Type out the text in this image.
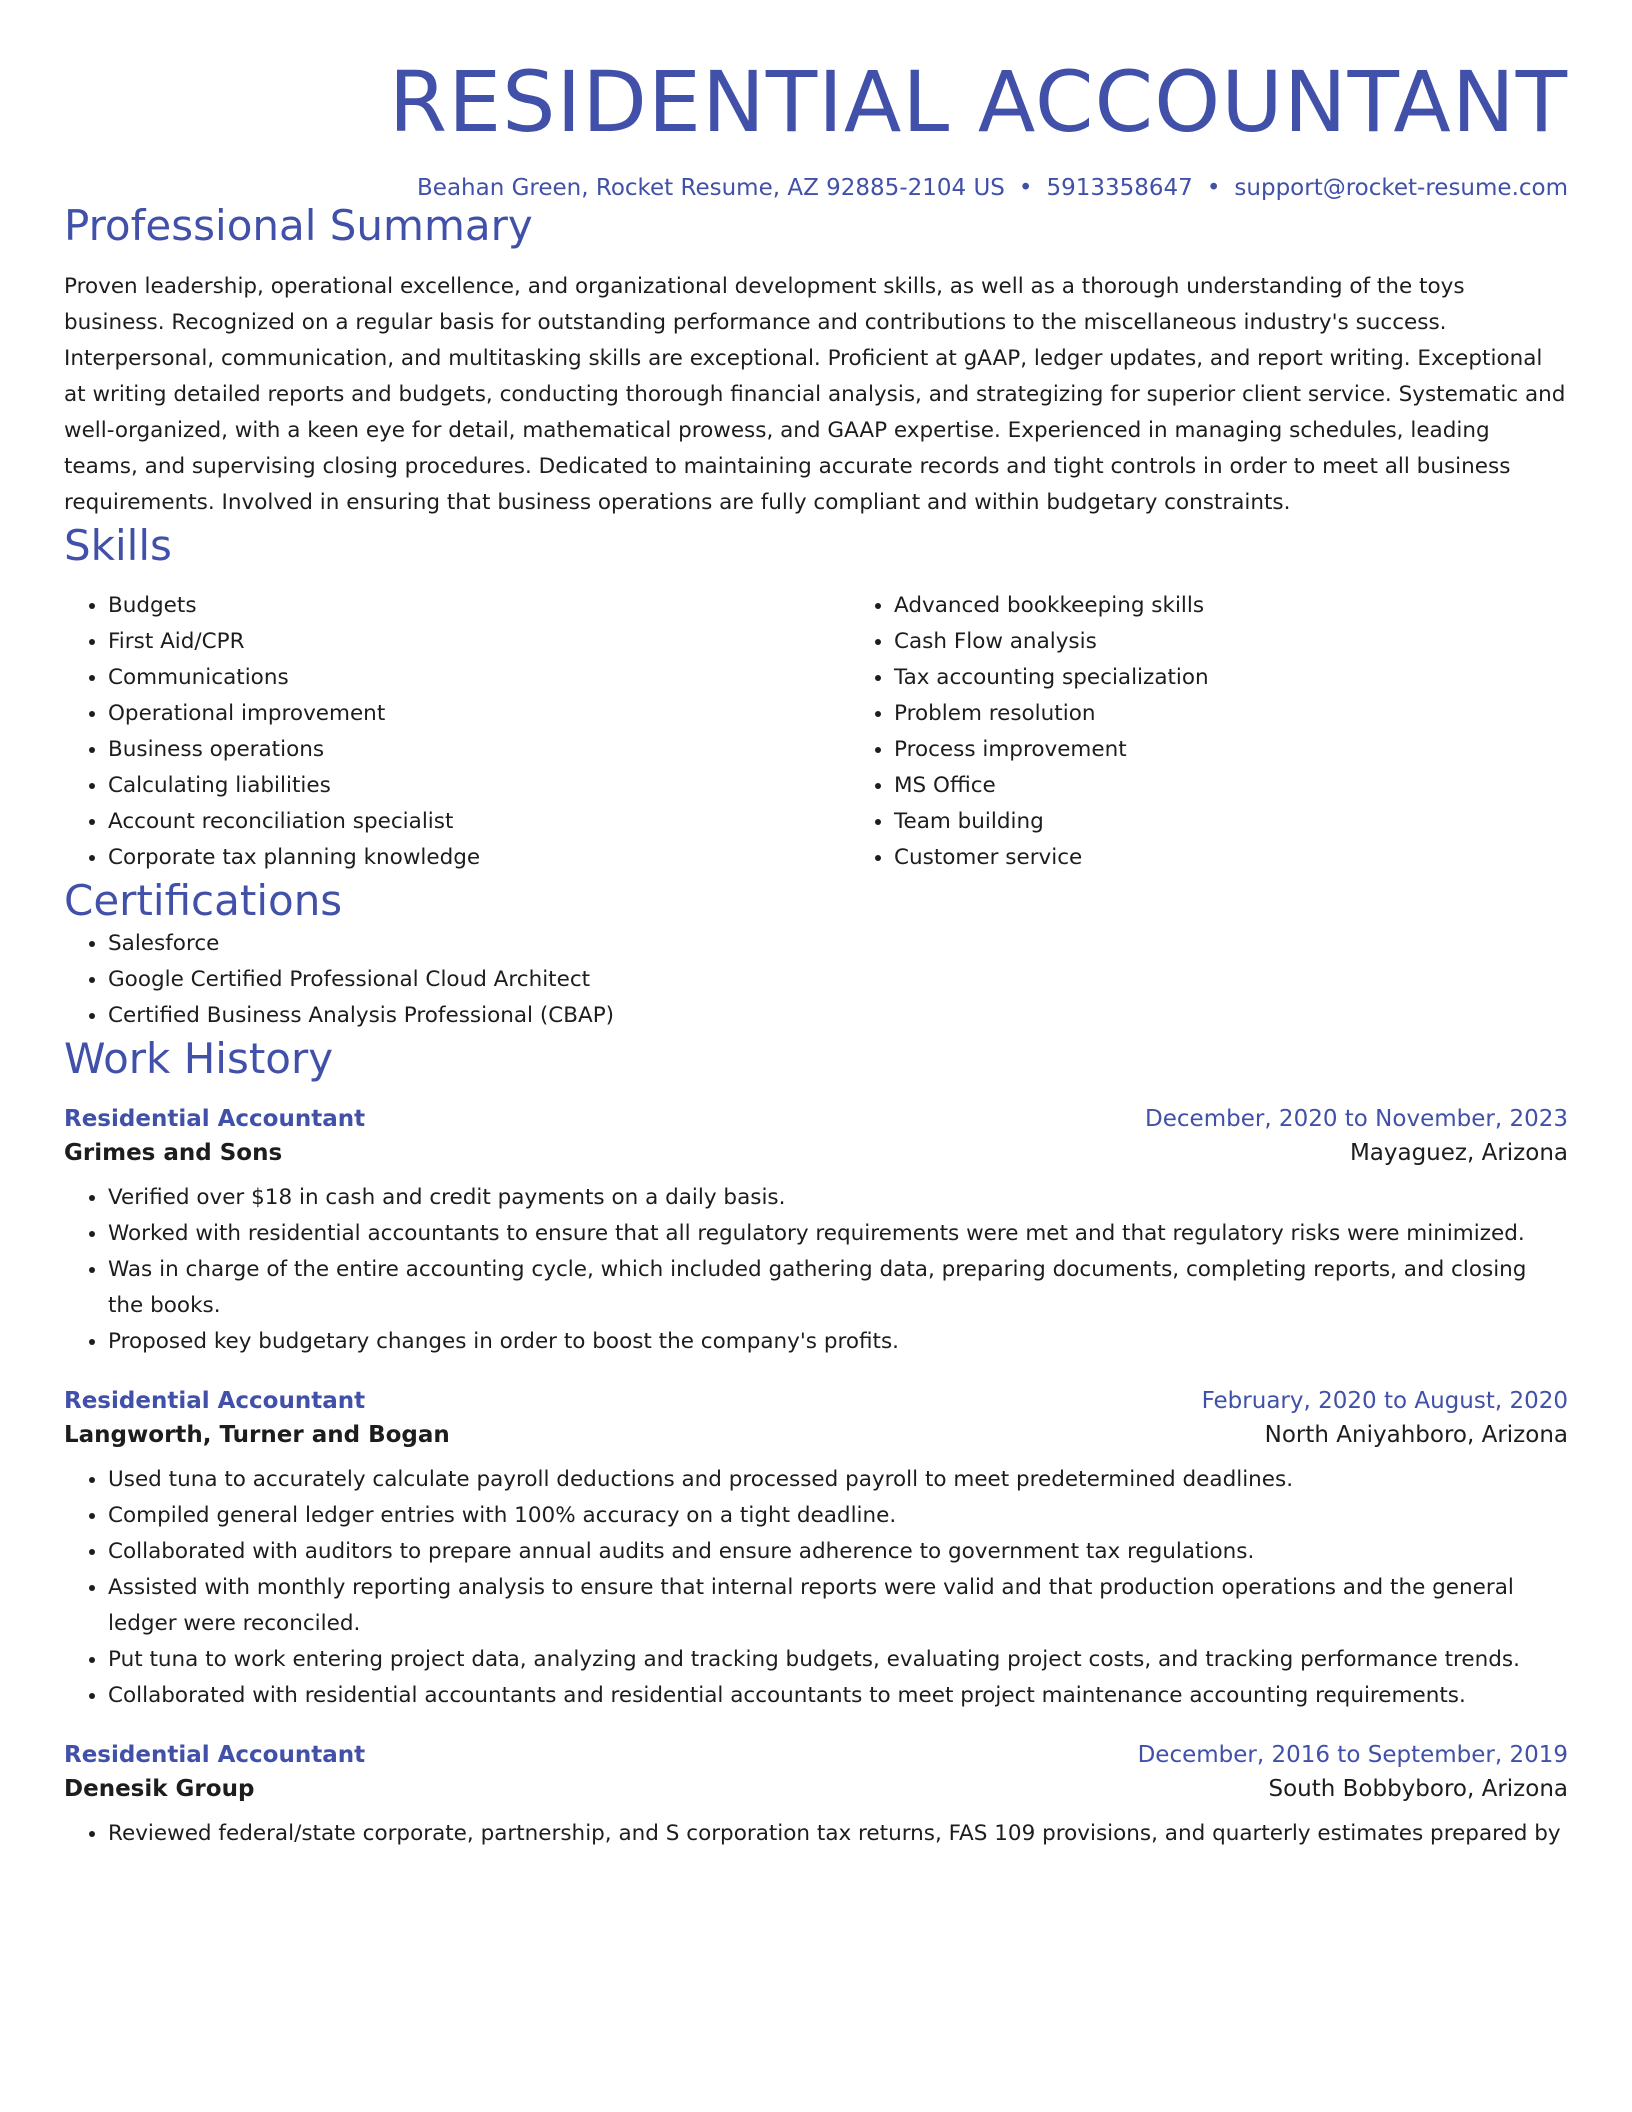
RESIDENTIAL ACCOUNTANT
Beahan Green, Rocket Resume, AZ 92885-2104 US • 5913358647 • support@rocket-resume.com
Professional Summary
Proven leadership, operational excellence, and organizational development skills, as well as a thorough understanding of the toys business. Recognized on a regular basis for outstanding performance and contributions to the miscellaneous industry's success. Interpersonal, communication, and multitasking skills are exceptional. Proficient at gAAP, ledger updates, and report writing. Exceptional at writing detailed reports and budgets, conducting thorough financial analysis, and strategizing for superior client service. Systematic and well-organized, with a keen eye for detail, mathematical prowess, and GAAP expertise. Experienced in managing schedules, leading teams, and supervising closing procedures. Dedicated to maintaining accurate records and tight controls in order to meet all business requirements. Involved in ensuring that business operations are fully compliant and within budgetary constraints.
Skills
• Budgets
• First Aid/CPR
• Communications
• Operational improvement
• Business operations
• Calculating liabilities
• Account reconciliation specialist
• Corporate tax planning knowledge
• Advanced bookkeeping skills
• Cash Flow analysis
• Tax accounting specialization
• Problem resolution
• Process improvement
• MS Office
• Team building
• Customer service
Certifications
• Salesforce
• Google Certified Professional Cloud Architect
• Certified Business Analysis Professional (CBAP)
Work History
Residential Accountant	December, 2020 to November, 2023
Grimes and Sons	Mayaguez, Arizona
• Verified over $18 in cash and credit payments on a daily basis.
• Worked with residential accountants to ensure that all regulatory requirements were met and that regulatory risks were minimized.
• Was in charge of the entire accounting cycle, which included gathering data, preparing documents, completing reports, and closing the books.
• Proposed key budgetary changes in order to boost the company's profits.
Residential Accountant	February, 2020 to August, 2020
Langworth, Turner and Bogan	North Aniyahboro, Arizona
• Used tuna to accurately calculate payroll deductions and processed payroll to meet predetermined deadlines.
• Compiled general ledger entries with 100% accuracy on a tight deadline.
• Collaborated with auditors to prepare annual audits and ensure adherence to government tax regulations.
• Assisted with monthly reporting analysis to ensure that internal reports were valid and that production operations and the general ledger were reconciled.
• Put tuna to work entering project data, analyzing and tracking budgets, evaluating project costs, and tracking performance trends.
• Collaborated with residential accountants and residential accountants to meet project maintenance accounting requirements.
Residential Accountant	December, 2016 to September, 2019
Denesik Group	South Bobbyboro, Arizona
• Reviewed federal/state corporate, partnership, and S corporation tax returns, FAS 109 provisions, and quarterly estimates prepared by
